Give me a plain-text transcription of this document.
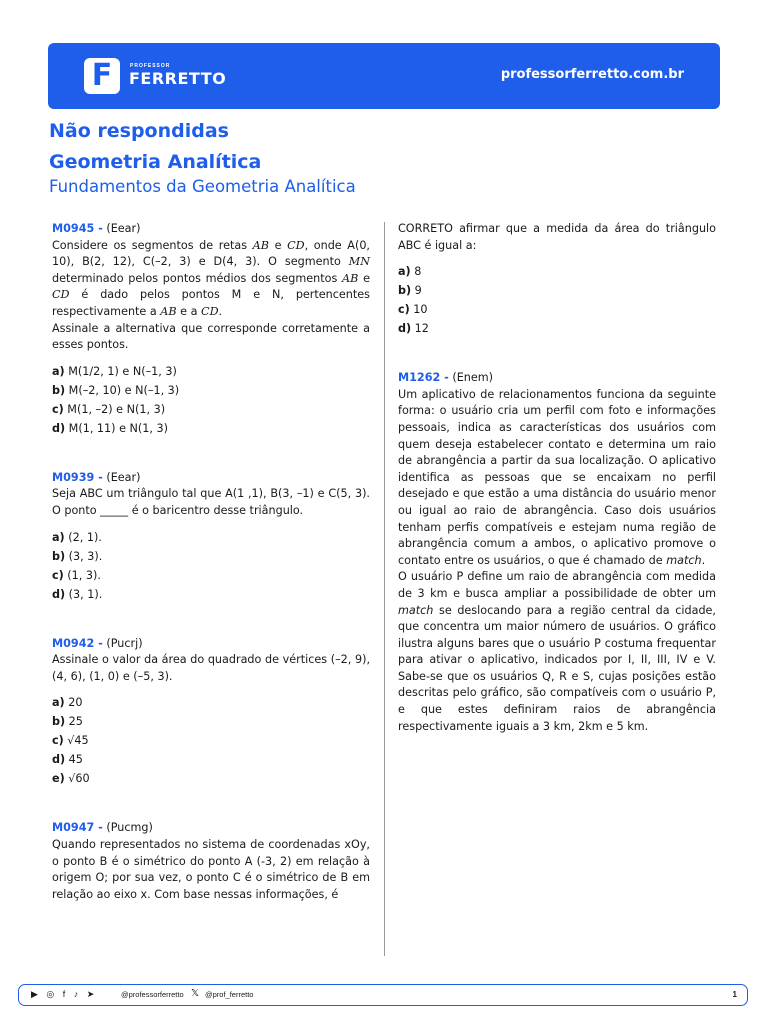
F	PROFESSOR
FERRETTO	professorferretto.com.br
Não respondidas
Geometria Analítica
Fundamentos da Geometria Analítica

M0945 - (Eear)

Considere os segmentos de retas AB e CD, onde A(0, 10), B(2, 12), C(–2, 3) e D(4, 3). O segmento MN determinado pelos pontos médios dos segmentos AB e CD é dado pelos pontos M e N, pertencentes respectivamente a AB e a CD.

Assinale a alternativa que corresponde corretamente a esses pontos.

a) M(1/2, 1) e N(–1, 3)

b) M(–2, 10) e N(–1, 3)

c) M(1, –2) e N(1, 3)

d) M(1, 11) e N(1, 3)

M0939 - (Eear)

Seja ABC um triângulo tal que A(1 ,1), B(3, –1) e C(5, 3). O ponto _____ é o baricentro desse triângulo.

a) (2, 1).

b) (3, 3).

c) (1, 3).

d) (3, 1).

M0942 - (Pucrj)

Assinale o valor da área do quadrado de vértices (–2, 9), (4, 6), (1, 0) e (–5, 3).

a) 20

b) 25

c) √45

d) 45

e) √60

M0947 - (Pucmg)

Quando representados no sistema de coordenadas xOy, o ponto B é o simétrico do ponto A (-3, 2) em relação à origem O; por sua vez, o ponto C é o simétrico de B em relação ao eixo x. Com base nessas informações, é

CORRETO afirmar que a medida da área do triângulo ABC é igual a:

a) 8

b) 9

c) 10

d) 12

M1262 - (Enem)

Um aplicativo de relacionamentos funciona da seguinte forma: o usuário cria um perfil com foto e informações pessoais, indica as características dos usuários com quem deseja estabelecer contato e determina um raio de abrangência a partir da sua localização. O aplicativo identifica as pessoas que se encaixam no perfil desejado e que estão a uma distância do usuário menor ou igual ao raio de abrangência. Caso dois usuários tenham perfis compatíveis e estejam numa região de abrangência comum a ambos, o aplicativo promove o contato entre os usuários, o que é chamado de match.

O usuário P define um raio de abrangência com medida de 3 km e busca ampliar a possibilidade de obter um match se deslocando para a região central da cidade, que concentra um maior número de usuários. O gráfico ilustra alguns bares que o usuário P costuma frequentar para ativar o aplicativo, indicados por I, II, III, IV e V. Sabe-se que os usuários Q, R e S, cujas posições estão descritas pelo gráfico, são compatíveis com o usuário P, e que estes definiram raios de abrangência respectivamente iguais a 3 km, 2km e 5 km.

▶ ◎ f ♪ ➤	@professorferretto 𝕏 @prof_ferretto	1
